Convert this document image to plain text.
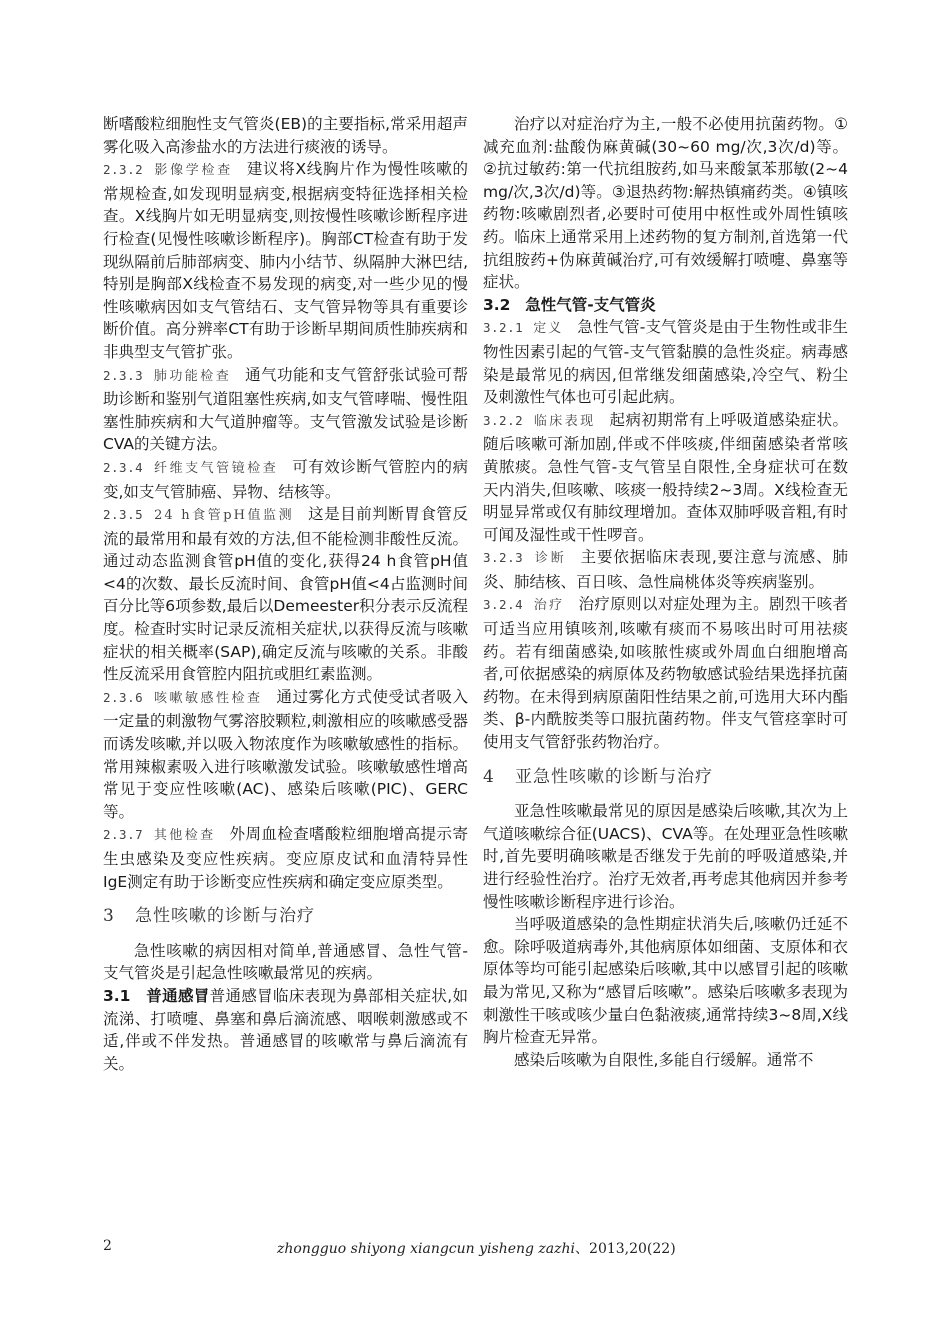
断嗜酸粒细胞性支气管炎(EB)的主要指标,常采用超声雾化吸入高渗盐水的方法进行痰液的诱导。

2.3.2 影像学检查 建议将X线胸片作为慢性咳嗽的常规检查,如发现明显病变,根据病变特征选择相关检查。X线胸片如无明显病变,则按慢性咳嗽诊断程序进行检查(见慢性咳嗽诊断程序)。胸部CT检查有助于发现纵隔前后肺部病变、肺内小结节、纵隔肿大淋巴结,特别是胸部X线检查不易发现的病变,对一些少见的慢性咳嗽病因如支气管结石、支气管异物等具有重要诊断价值。高分辨率CT有助于诊断早期间质性肺疾病和非典型支气管扩张。

2.3.3 肺功能检查 通气功能和支气管舒张试验可帮助诊断和鉴别气道阻塞性疾病,如支气管哮喘、慢性阻塞性肺疾病和大气道肿瘤等。支气管激发试验是诊断CVA的关键方法。

2.3.4 纤维支气管镜检查 可有效诊断气管腔内的病变,如支气管肺癌、异物、结核等。

2.3.5 24 h食管pH值监测 这是目前判断胃食管反流的最常用和最有效的方法,但不能检测非酸性反流。通过动态监测食管pH值的变化,获得24 h食管pH值<4的次数、最长反流时间、食管pH值<4占监测时间百分比等6项参数,最后以Demeester积分表示反流程度。检查时实时记录反流相关症状,以获得反流与咳嗽症状的相关概率(SAP),确定反流与咳嗽的关系。非酸性反流采用食管腔内阻抗或胆红素监测。

2.3.6 咳嗽敏感性检查 通过雾化方式使受试者吸入一定量的刺激物气雾溶胶颗粒,刺激相应的咳嗽感受器而诱发咳嗽,并以吸入物浓度作为咳嗽敏感性的指标。常用辣椒素吸入进行咳嗽激发试验。咳嗽敏感性增高常见于变应性咳嗽(AC)、感染后咳嗽(PIC)、GERC等。

2.3.7 其他检查 外周血检查嗜酸粒细胞增高提示寄生虫感染及变应性疾病。变应原皮试和血清特异性IgE测定有助于诊断变应性疾病和确定变应原类型。

3 急性咳嗽的诊断与治疗

急性咳嗽的病因相对简单,普通感冒、急性气管-支气管炎是引起急性咳嗽最常见的疾病。

3.1 普通感冒普通感冒临床表现为鼻部相关症状,如流涕、打喷嚏、鼻塞和鼻后滴流感、咽喉刺激感或不适,伴或不伴发热。普通感冒的咳嗽常与鼻后滴流有关。

治疗以对症治疗为主,一般不必使用抗菌药物。①减充血剂:盐酸伪麻黄碱(30~60 mg/次,3次/d)等。②抗过敏药:第一代抗组胺药,如马来酸氯苯那敏(2~4 mg/次,3次/d)等。③退热药物:解热镇痛药类。④镇咳药物:咳嗽剧烈者,必要时可使用中枢性或外周性镇咳药。临床上通常采用上述药物的复方制剂,首选第一代抗组胺药+伪麻黄碱治疗,可有效缓解打喷嚏、鼻塞等症状。

3.2 急性气管-支气管炎

3.2.1 定义 急性气管-支气管炎是由于生物性或非生物性因素引起的气管-支气管黏膜的急性炎症。病毒感染是最常见的病因,但常继发细菌感染,冷空气、粉尘及刺激性气体也可引起此病。

3.2.2 临床表现 起病初期常有上呼吸道感染症状。随后咳嗽可渐加剧,伴或不伴咳痰,伴细菌感染者常咳黄脓痰。急性气管-支气管呈自限性,全身症状可在数天内消失,但咳嗽、咳痰一般持续2~3周。X线检查无明显异常或仅有肺纹理增加。查体双肺呼吸音粗,有时可闻及湿性或干性啰音。

3.2.3 诊断 主要依据临床表现,要注意与流感、肺炎、肺结核、百日咳、急性扁桃体炎等疾病鉴别。

3.2.4 治疗 治疗原则以对症处理为主。剧烈干咳者可适当应用镇咳剂,咳嗽有痰而不易咳出时可用祛痰药。若有细菌感染,如咳脓性痰或外周血白细胞增高者,可依据感染的病原体及药物敏感试验结果选择抗菌药物。在未得到病原菌阳性结果之前,可选用大环内酯类、β-内酰胺类等口服抗菌药物。伴支气管痉挛时可使用支气管舒张药物治疗。

4 亚急性咳嗽的诊断与治疗

亚急性咳嗽最常见的原因是感染后咳嗽,其次为上气道咳嗽综合征(UACS)、CVA等。在处理亚急性咳嗽时,首先要明确咳嗽是否继发于先前的呼吸道感染,并进行经验性治疗。治疗无效者,再考虑其他病因并参考慢性咳嗽诊断程序进行诊治。

当呼吸道感染的急性期症状消失后,咳嗽仍迁延不愈。除呼吸道病毒外,其他病原体如细菌、支原体和衣原体等均可能引起感染后咳嗽,其中以感冒引起的咳嗽最为常见,又称为“感冒后咳嗽”。感染后咳嗽多表现为刺激性干咳或咳少量白色黏液痰,通常持续3~8周,X线胸片检查无异常。

感染后咳嗽为自限性,多能自行缓解。通常不

2	zhongguo shiyong xiangcun yisheng zazhi、2013,20(22)
